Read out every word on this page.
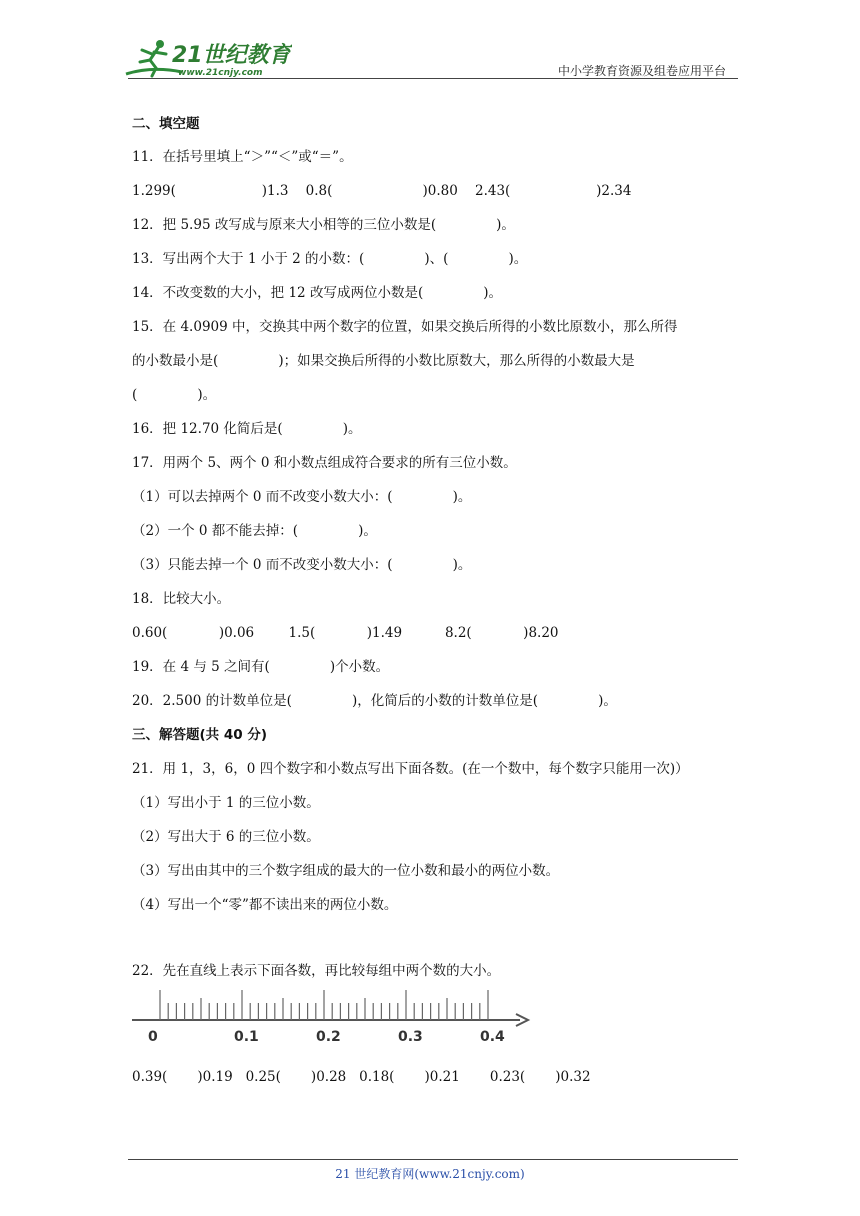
21世纪教育
www.21cnjy.com	中小学教育资源及组卷应用平台
二、填空题
11．在括号里填上“＞”“＜”或“＝”。
1.299(                    )1.3    0.8(                     )0.80    2.43(                    )2.34
12．把 5.95 改写成与原来大小相等的三位小数是(              )。
13．写出两个大于 1 小于 2 的小数：(              )、(              )。
14．不改变数的大小，把 12 改写成两位小数是(              )。
15．在 4.0909 中，交换其中两个数字的位置，如果交换后所得的小数比原数小，那么所得
的小数最小是(              )；如果交换后所得的小数比原数大，那么所得的小数最大是
(              )。
16．把 12.70 化简后是(              )。
17．用两个 5、两个 0 和小数点组成符合要求的所有三位小数。
（1）可以去掉两个 0 而不改变小数大小：(              )。
（2）一个 0 都不能去掉：(              )。
（3）只能去掉一个 0 而不改变小数大小：(              )。
18．比较大小。
0.60(            )0.06        1.5(            )1.49          8.2(            )8.20
19．在 4 与 5 之间有(              )个小数。
20．2.500 的计数单位是(              )，化简后的小数的计数单位是(              )。
三、解答题(共 40 分)
21．用 1，3，6，0 四个数字和小数点写出下面各数。(在一个数中，每个数字只能用一次)）
（1）写出小于 1 的三位小数。
（2）写出大于 6 的三位小数。
（3）写出由其中的三个数字组成的最大的一位小数和最小的两位小数。
（4）写出一个“零”都不读出来的两位小数。
22．先在直线上表示下面各数，再比较每组中两个数的大小。
0.39(       )0.19   0.25(       )0.28   0.18(       )0.21       0.23(       )0.32
0	0.1	0.2	0.3	0.4
21 世纪教育网(www.21cnjy.com)
